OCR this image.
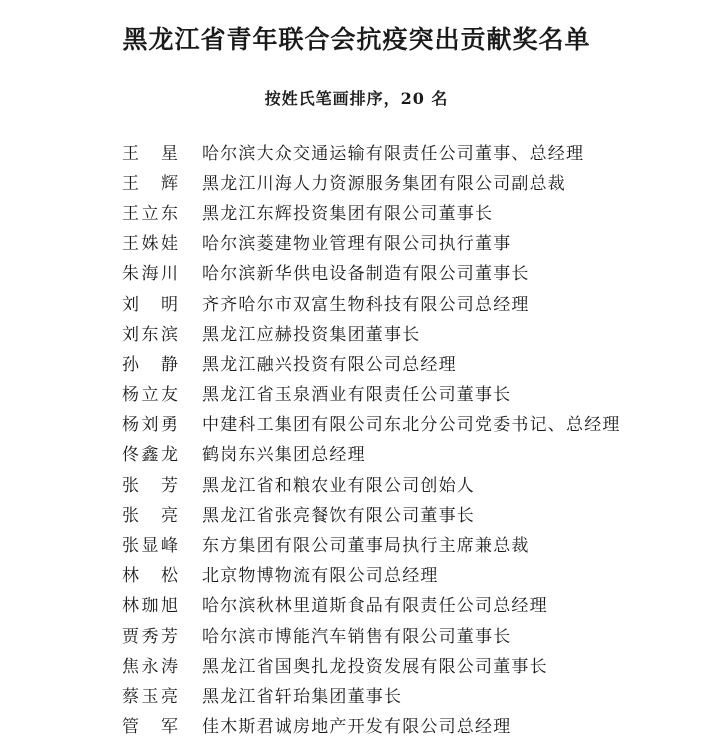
黑龙江省青年联合会抗疫突出贡献奖名单
按姓氏笔画排序，20 名
王 星 哈尔滨大众交通运输有限责任公司董事、总经理
王 辉 黑龙江川海人力资源服务集团有限公司副总裁
王 立 东 黑龙江东辉投资集团有限公司董事长
王 姝 娃 哈尔滨菱建物业管理有限公司执行董事
朱 海 川 哈尔滨新华供电设备制造有限公司董事长
刘 明 齐齐哈尔市双富生物科技有限公司总经理
刘 东 滨 黑龙江应赫投资集团董事长
孙 静 黑龙江融兴投资有限公司总经理
杨 立 友 黑龙江省玉泉酒业有限责任公司董事长
杨 刘 勇 中建科工集团有限公司东北分公司党委书记、总经理
佟 鑫 龙 鹤岗东兴集团总经理
张 芳 黑龙江省和粮农业有限公司创始人
张 亮 黑龙江省张亮餐饮有限公司董事长
张 显 峰 东方集团有限公司董事局执行主席兼总裁
林 松 北京物博物流有限公司总经理
林 珈 旭 哈尔滨秋林里道斯食品有限责任公司总经理
贾 秀 芳 哈尔滨市博能汽车销售有限公司董事长
焦 永 涛 黑龙江省国奥扎龙投资发展有限公司董事长
蔡 玉 亮 黑龙江省轩珆集团董事长
管 军 佳木斯君诚房地产开发有限公司总经理
